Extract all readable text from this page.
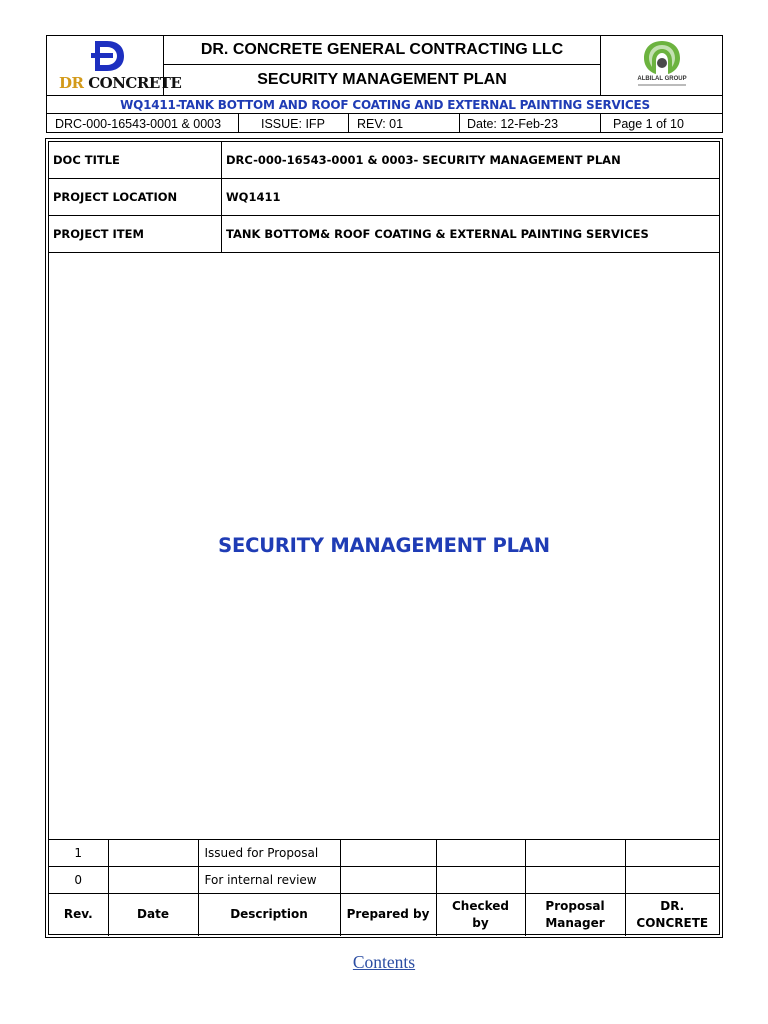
DR CONCRETE
DR. CONCRETE GENERAL CONTRACTING LLC
SECURITY MANAGEMENT PLAN	ALBILAL GROUP
WQ1411-TANK BOTTOM AND ROOF COATING AND EXTERNAL PAINTING SERVICES
DRC-000-16543-0001 & 0003	ISSUE: IFP	REV: 01	Date: 12-Feb-23	Page 1 of 10
DOC TITLE	DRC-000-16543-0001 & 0003- SECURITY MANAGEMENT PLAN
PROJECT LOCATION	WQ1411
PROJECT ITEM	TANK BOTTOM& ROOF COATING & EXTERNAL PAINTING SERVICES
SECURITY MANAGEMENT PLAN
1		Issued for Proposal				
0		For internal review				
Rev.	Date	Description	Prepared by	Checked by	Proposal Manager	DR. CONCRETE
Contents
